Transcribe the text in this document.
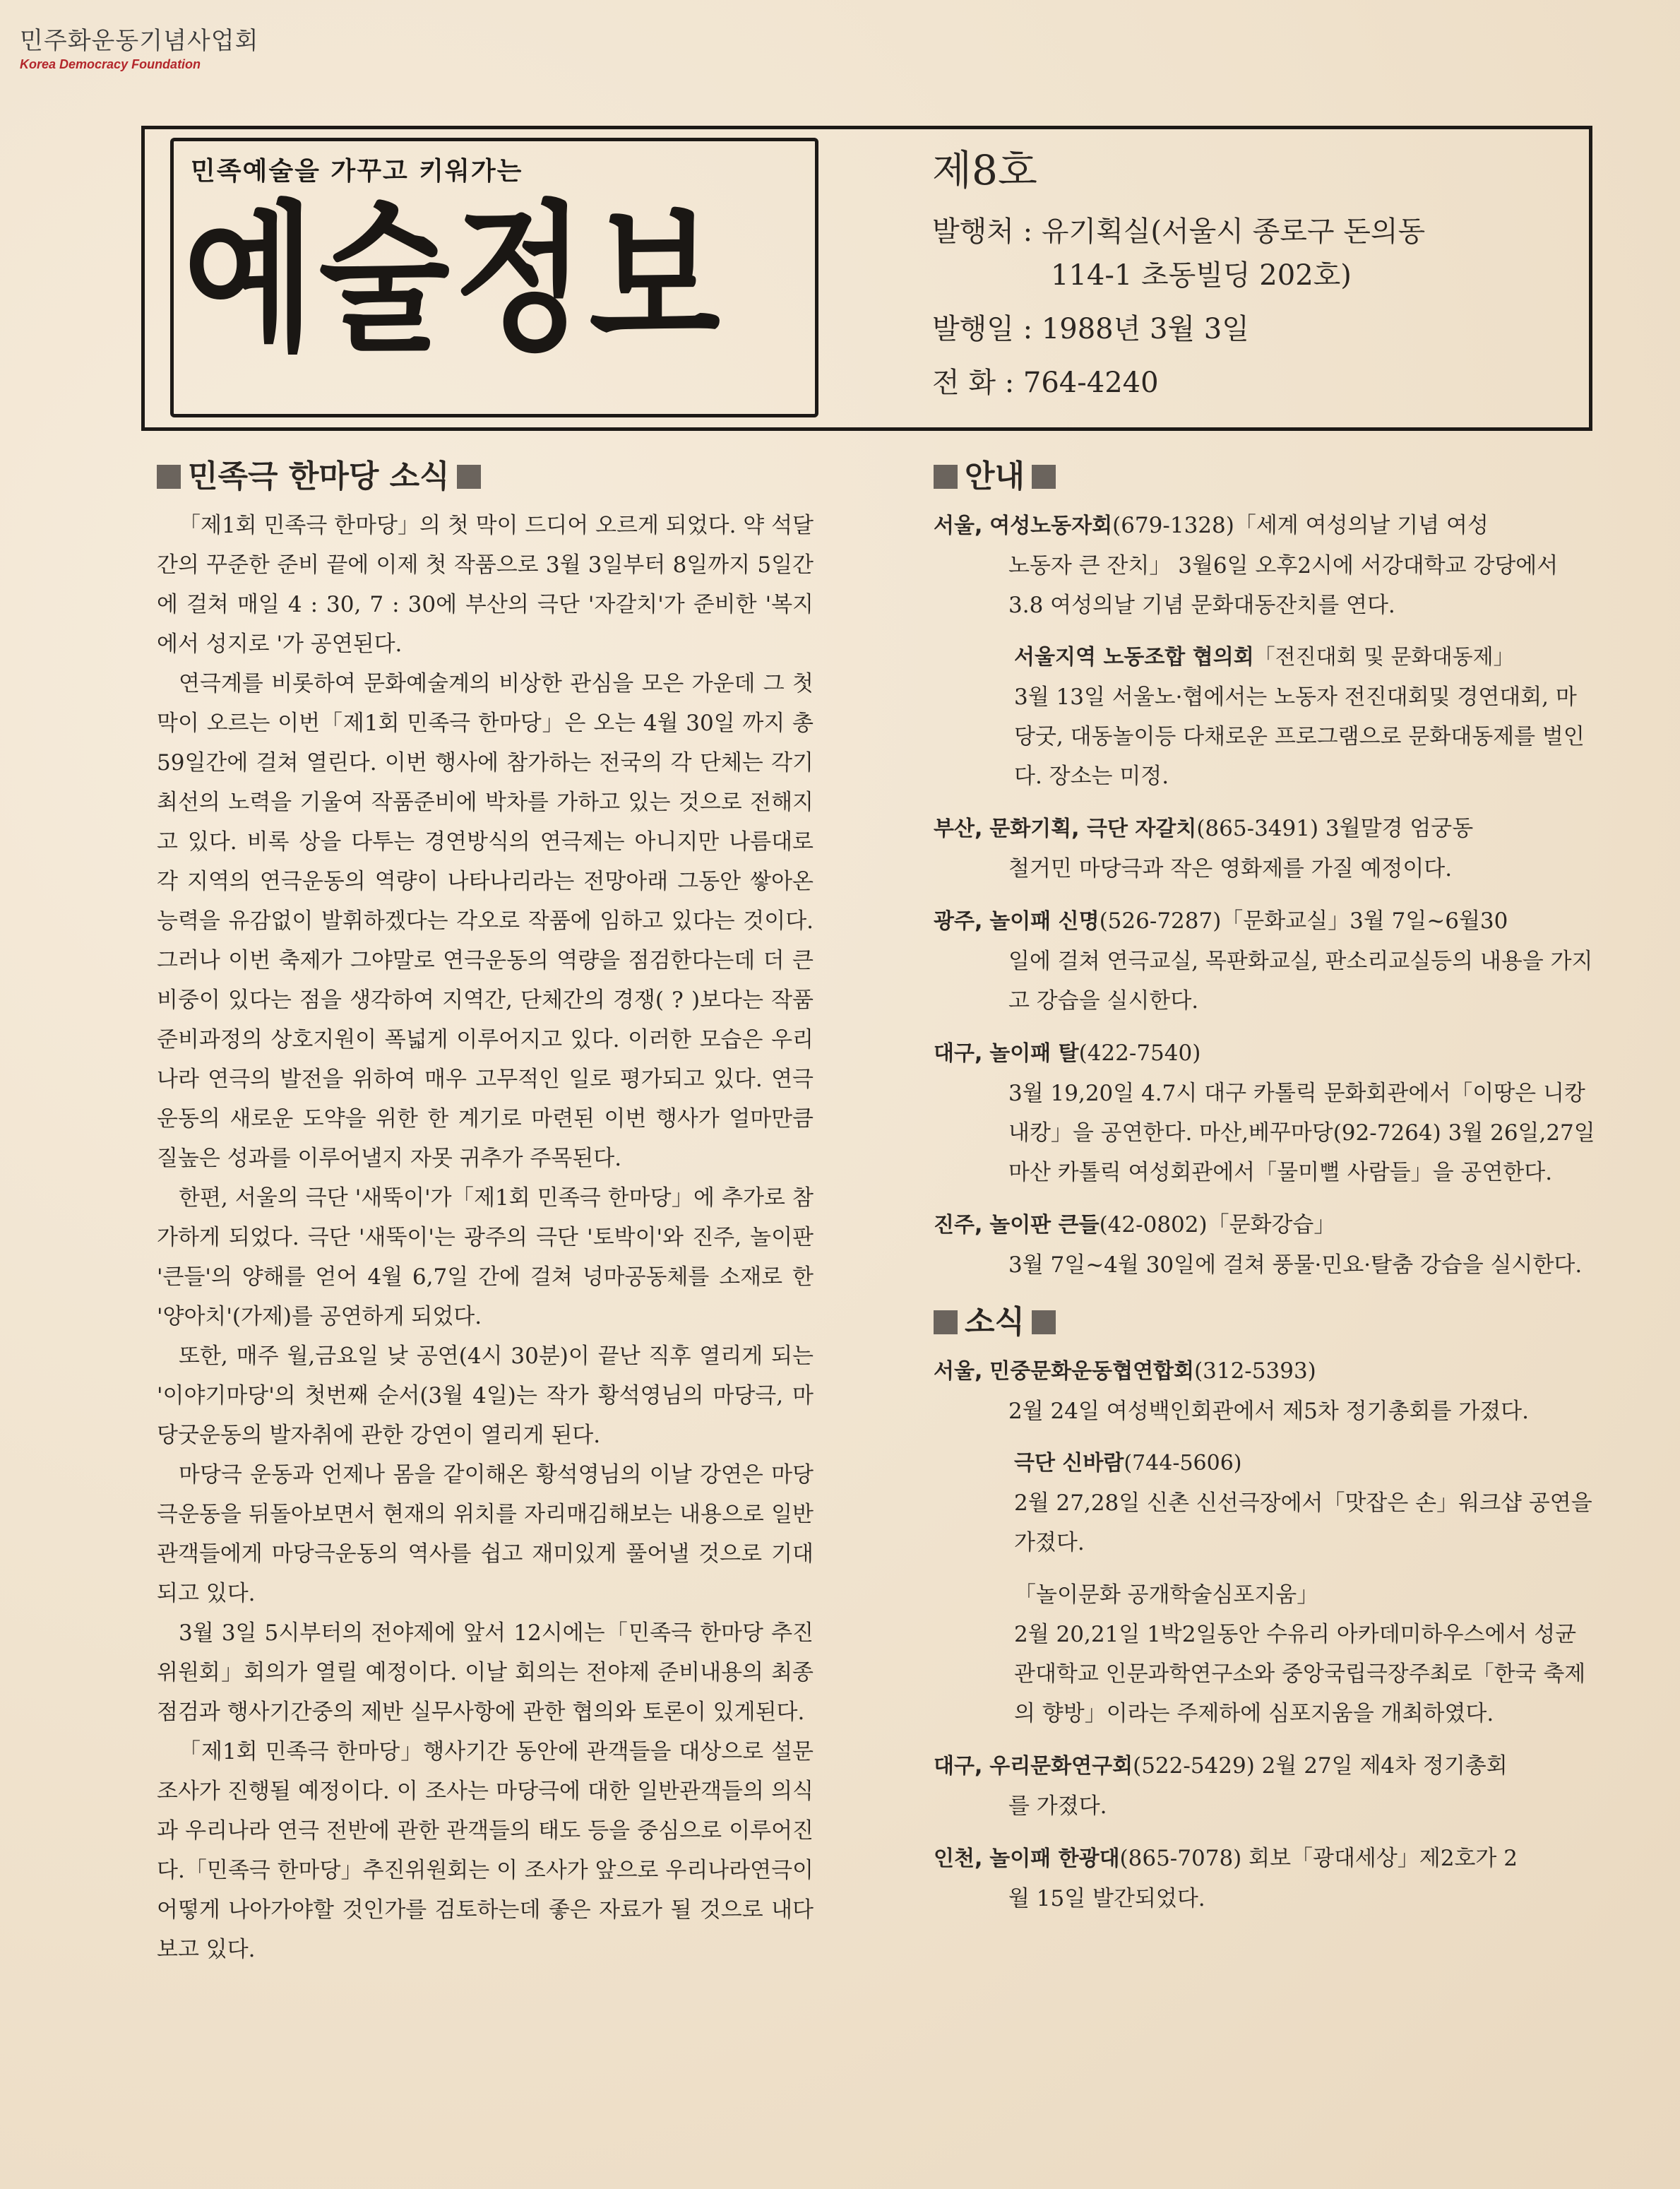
민주화운동기념사업회
Korea Democracy Foundation
민족예술을 가꾸고 키워가는
예술정보
제8호
발행처 : 유기획실(서울시 종로구 돈의동
114-1 초동빌딩 202호)
발행일 : 1988년 3월 3일
전 화 : 764-4240
민족극 한마당 소식

「제1회 민족극 한마당」의 첫 막이 드디어 오르게 되었다. 약 석달간의 꾸준한 준비 끝에 이제 첫 작품으로 3월 3일부터 8일까지 5일간에 걸쳐 매일 4 : 30, 7 : 30에 부산의 극단 '자갈치'가 준비한 '복지에서 성지로 '가 공연된다.

연극계를 비롯하여 문화예술계의 비상한 관심을 모은 가운데 그 첫 막이 오르는 이번「제1회 민족극 한마당」은 오는 4월 30일 까지 총 59일간에 걸쳐 열린다. 이번 행사에 참가하는 전국의 각 단체는 각기 최선의 노력을 기울여 작품준비에 박차를 가하고 있는 것으로 전해지고 있다. 비록 상을 다투는 경연방식의 연극제는 아니지만 나름대로 각 지역의 연극운동의 역량이 나타나리라는 전망아래 그동안 쌓아온 능력을 유감없이 발휘하겠다는 각오로 작품에 임하고 있다는 것이다. 그러나 이번 축제가 그야말로 연극운동의 역량을 점검한다는데 더 큰 비중이 있다는 점을 생각하여 지역간, 단체간의 경쟁( ? )보다는 작품준비과정의 상호지원이 폭넓게 이루어지고 있다. 이러한 모습은 우리나라 연극의 발전을 위하여 매우 고무적인 일로 평가되고 있다. 연극운동의 새로운 도약을 위한 한 계기로 마련된 이번 행사가 얼마만큼 질높은 성과를 이루어낼지 자못 귀추가 주목된다.

한편, 서울의 극단 '새뚝이'가「제1회 민족극 한마당」에 추가로 참가하게 되었다. 극단 '새뚝이'는 광주의 극단 '토박이'와 진주, 놀이판 '큰들'의 양해를 얻어 4월 6,7일 간에 걸쳐 넝마공동체를 소재로 한 '양아치'(가제)를 공연하게 되었다.

또한, 매주 월,금요일 낮 공연(4시 30분)이 끝난 직후 열리게 되는 '이야기마당'의 첫번째 순서(3월 4일)는 작가 황석영님의 마당극, 마당굿운동의 발자취에 관한 강연이 열리게 된다.

마당극 운동과 언제나 몸을 같이해온 황석영님의 이날 강연은 마당극운동을 뒤돌아보면서 현재의 위치를 자리매김해보는 내용으로 일반관객들에게 마당극운동의 역사를 쉽고 재미있게 풀어낼 것으로 기대되고 있다.

3월 3일 5시부터의 전야제에 앞서 12시에는「민족극 한마당 추진위원회」회의가 열릴 예정이다. 이날 회의는 전야제 준비내용의 최종점검과 행사기간중의 제반 실무사항에 관한 협의와 토론이 있게된다.

「제1회 민족극 한마당」행사기간 동안에 관객들을 대상으로 설문조사가 진행될 예정이다. 이 조사는 마당극에 대한 일반관객들의 의식과 우리나라 연극 전반에 관한 관객들의 태도 등을 중심으로 이루어진다.「민족극 한마당」추진위원회는 이 조사가 앞으로 우리나라연극이 어떻게 나아가야할 것인가를 검토하는데 좋은 자료가 될 것으로 내다보고 있다.

안내
서울, 여성노동자회(679-1328)「세계 여성의날 기념 여성
노동자 큰 잔치」 3월6일 오후2시에 서강대학교 강당에서 3.8 여성의날 기념 문화대동잔치를 연다.
서울지역 노동조합 협의회「전진대회 및 문화대동제」
3월 13일 서울노·협에서는 노동자 전진대회및 경연대회, 마당굿, 대동놀이등 다채로운 프로그램으로 문화대동제를 벌인다. 장소는 미정.
부산, 문화기획, 극단 자갈치(865-3491) 3월말경 엄궁동
철거민 마당극과 작은 영화제를 가질 예정이다.
광주, 놀이패 신명(526-7287)「문화교실」3월 7일~6월30
일에 걸쳐 연극교실, 목판화교실, 판소리교실등의 내용을 가지고 강습을 실시한다.
대구, 놀이패 탈(422-7540)
3월 19,20일 4.7시 대구 카톨릭 문화회관에서「이땅은 니캉내캉」을 공연한다. 마산,베꾸마당(92-7264) 3월 26일,27일 마산 카톨릭 여성회관에서「물미뻘 사람들」을 공연한다.
진주, 놀이판 큰들(42-0802)「문화강습」
3월 7일~4월 30일에 걸쳐 풍물·민요·탈춤 강습을 실시한다.
소식
서울, 민중문화운동협연합회(312-5393)
2월 24일 여성백인회관에서 제5차 정기총회를 가졌다.
극단 신바람(744-5606)
2월 27,28일 신촌 신선극장에서「맛잡은 손」워크샵 공연을 가졌다.
「놀이문화 공개학술심포지움」
2월 20,21일 1박2일동안 수유리 아카데미하우스에서 성균관대학교 인문과학연구소와 중앙국립극장주최로「한국 축제의 향방」이라는 주제하에 심포지움을 개최하였다.
대구, 우리문화연구회(522-5429) 2월 27일 제4차 정기총회
를 가졌다.
인천, 놀이패 한광대(865-7078) 회보「광대세상」제2호가 2
월 15일 발간되었다.
